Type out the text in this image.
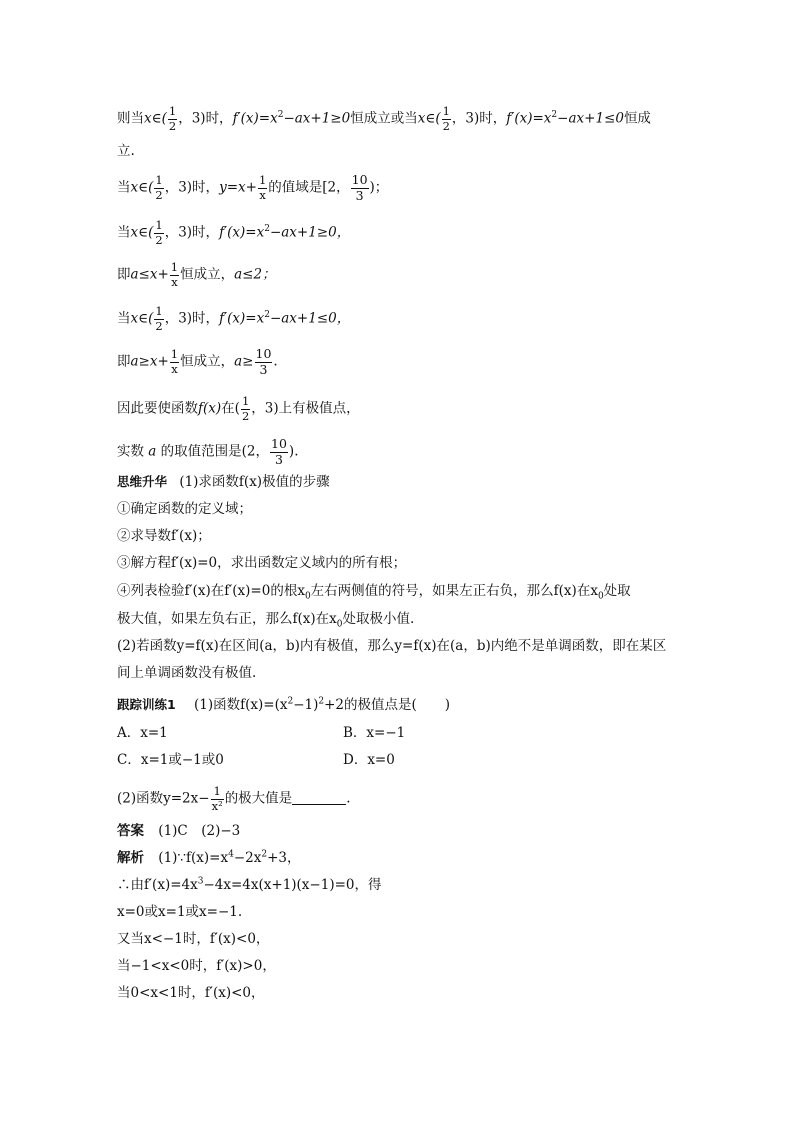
则当x∈( $\frac{1}{2}$ ，3)时，$f'(x)=x^2-ax+1\ge 0$恒成立或当x∈( $\frac{1}{2}$ ，3)时，$f'(x)=x^2-ax+1\le 0$恒成
立.
当x∈( $\frac{1}{2}$ ，3)时，$y=x+ \frac{1}{x}$ 的值域是[2， $\frac{10}{3}$ )；
当x∈( $\frac{1}{2}$ ，3)时，$f'(x)=x^2-ax+1\ge 0$，
即$a\le x+ \frac{1}{x}$ 恒成立，a≤2；
当x∈( $\frac{1}{2}$ ，3)时，$f'(x)=x^2-ax+1\le 0$，
即$a\ge x+ \frac{1}{x}$ 恒成立，$a\ge \frac{10}{3}$ .
因此要使函数f(x)在( $\frac{1}{2}$ ，3)上有极值点，
实数 a 的取值范围是(2， $\frac{10}{3}$ ).
思维升华 (1)求函数f(x)极值的步骤
①确定函数的定义域；
②求导数f′(x)；
③解方程f′(x)=0，求出函数定义域内的所有根；
④列表检验f′(x)在f′(x)=0的根$x_0$左右两侧值的符号，如果左正右负，那么f(x)在$x_0$处取
极大值，如果左负右正，那么f(x)在$x_0$处取极小值.
(2)若函数y=f(x)在区间(a，b)内有极值，那么y=f(x)在(a，b)内绝不是单调函数，即在某区
间上单调函数没有极值.
跟踪训练1 (1)函数$f(x)=(x^2-1)^2+2$的极值点是( )
A．x=1	B．x=−1
C．x=1或−1或0	D．x=0
(2)函数$y=2x- \frac{1}{\text{x²}}$ 的极大值是	.
答案 (1)C　(2)−3
解析 $(1)\because f(x)=x^4-2x^2+3$，
∴由$f'(x)=4x^3-4x=4x(x+1)(x-1)=0$，得
x=0或x=1或x=−1.
又当x<−1时，f′(x)<0，
当−1<x<0时，f′(x)>0，
当0<x<1时，f′(x)<0，
